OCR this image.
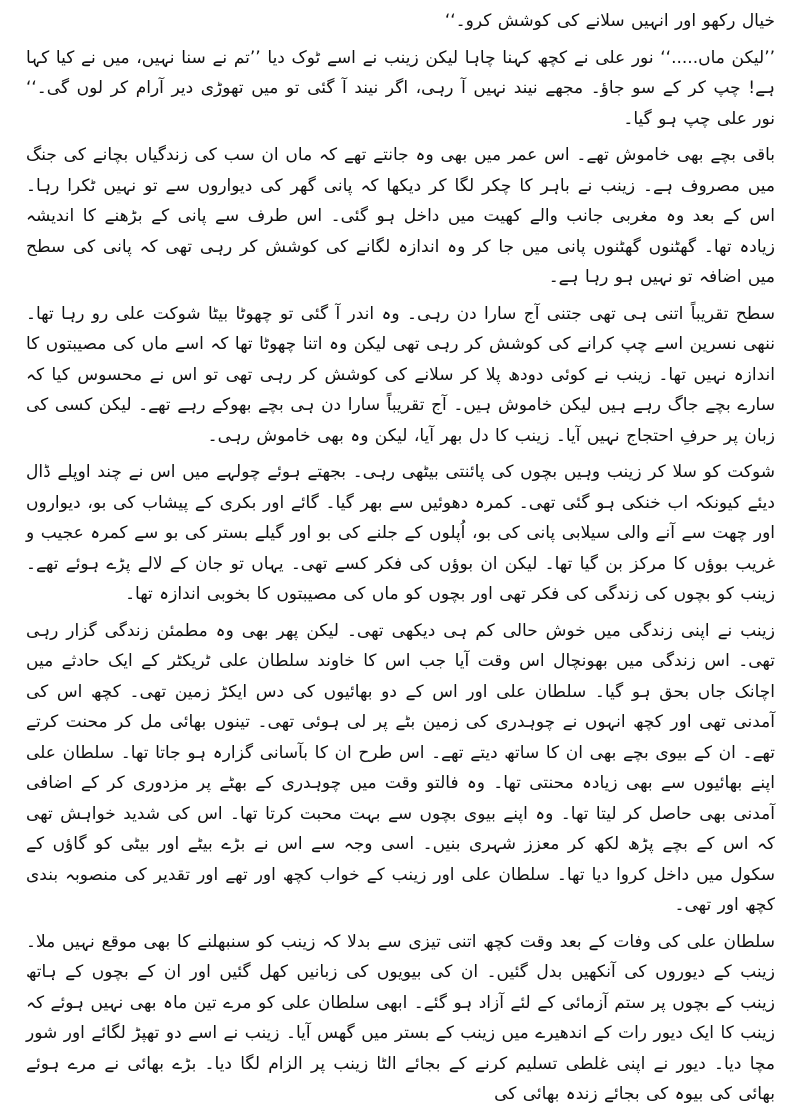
خیال رکھو اور انہیں سلانے کی کوشش کرو۔‘‘

’’لیکن ماں.....‘‘ نور علی نے کچھ کہنا چاہا لیکن زینب نے اسے ٹوک دیا ’’تم نے سنا نہیں، میں نے کیا کہا ہے! چپ کر کے سو جاؤ۔ مجھے نیند نہیں آ رہی، اگر نیند آ گئی تو میں تھوڑی دیر آرام کر لوں گی۔‘‘ نور علی چپ ہو گیا۔

باقی بچے بھی خاموش تھے۔ اس عمر میں بھی وہ جانتے تھے کہ ماں ان سب کی زندگیاں بچانے کی جنگ میں مصروف ہے۔ زینب نے باہر کا چکر لگا کر دیکھا کہ پانی گھر کی دیواروں سے تو نہیں ٹکرا رہا۔ اس کے بعد وہ مغربی جانب والے کھیت میں داخل ہو گئی۔ اس طرف سے پانی کے بڑھنے کا اندیشہ زیادہ تھا۔ گھٹنوں گھٹنوں پانی میں جا کر وہ اندازہ لگانے کی کوشش کر رہی تھی کہ پانی کی سطح میں اضافہ تو نہیں ہو رہا ہے۔

سطح تقریباً اتنی ہی تھی جتنی آج سارا دن رہی۔ وہ اندر آ گئی تو چھوٹا بیٹا شوکت علی رو رہا تھا۔ ننھی نسرین اسے چپ کرانے کی کوشش کر رہی تھی لیکن وہ اتنا چھوٹا تھا کہ اسے ماں کی مصیبتوں کا اندازہ نہیں تھا۔ زینب نے کوئی دودھ پلا کر سلانے کی کوشش کر رہی تھی تو اس نے محسوس کیا کہ سارے بچے جاگ رہے ہیں لیکن خاموش ہیں۔ آج تقریباً سارا دن ہی بچے بھوکے رہے تھے۔ لیکن کسی کی زبان پر حرفِ احتجاج نہیں آیا۔ زینب کا دل بھر آیا، لیکن وہ بھی خاموش رہی۔

شوکت کو سلا کر زینب وہیں بچوں کی پائنتی بیٹھی رہی۔ بجھتے ہوئے چولہے میں اس نے چند اوپلے ڈال دیئے کیونکہ اب خنکی ہو گئی تھی۔ کمرہ دھوئیں سے بھر گیا۔ گائے اور بکری کے پیشاب کی بو، دیواروں اور چھت سے آنے والی سیلابی پانی کی بو، اُپلوں کے جلنے کی بو اور گیلے بستر کی بو سے کمرہ عجیب و غریب بوؤں کا مرکز بن گیا تھا۔ لیکن ان بوؤں کی فکر کسے تھی۔ یہاں تو جان کے لالے پڑے ہوئے تھے۔ زینب کو بچوں کی زندگی کی فکر تھی اور بچوں کو ماں کی مصیبتوں کا بخوبی اندازہ تھا۔

زینب نے اپنی زندگی میں خوش حالی کم ہی دیکھی تھی۔ لیکن پھر بھی وہ مطمئن زندگی گزار رہی تھی۔ اس زندگی میں بھونچال اس وقت آیا جب اس کا خاوند سلطان علی ٹریکٹر کے ایک حادثے میں اچانک جاں بحق ہو گیا۔ سلطان علی اور اس کے دو بھائیوں کی دس ایکڑ زمین تھی۔ کچھ اس کی آمدنی تھی اور کچھ انہوں نے چوہدری کی زمین بٹے پر لی ہوئی تھی۔ تینوں بھائی مل کر محنت کرتے تھے۔ ان کے بیوی بچے بھی ان کا ساتھ دیتے تھے۔ اس طرح ان کا بآسانی گزارہ ہو جاتا تھا۔ سلطان علی اپنے بھائیوں سے بھی زیادہ محنتی تھا۔ وہ فالتو وقت میں چوہدری کے بھٹے پر مزدوری کر کے اضافی آمدنی بھی حاصل کر لیتا تھا۔ وہ اپنے بیوی بچوں سے بہت محبت کرتا تھا۔ اس کی شدید خواہش تھی کہ اس کے بچے پڑھ لکھ کر معزز شہری بنیں۔ اسی وجہ سے اس نے بڑے بیٹے اور بیٹی کو گاؤں کے سکول میں داخل کروا دیا تھا۔ سلطان علی اور زینب کے خواب کچھ اور تھے اور تقدیر کی منصوبہ بندی کچھ اور تھی۔

سلطان علی کی وفات کے بعد وقت کچھ اتنی تیزی سے بدلا کہ زینب کو سنبھلنے کا بھی موقع نہیں ملا۔ زینب کے دیوروں کی آنکھیں بدل گئیں۔ ان کی بیویوں کی زبانیں کھل گئیں اور ان کے بچوں کے ہاتھ زینب کے بچوں پر ستم آزمائی کے لئے آزاد ہو گئے۔ ابھی سلطان علی کو مرے تین ماہ بھی نہیں ہوئے کہ زینب کا ایک دیور رات کے اندھیرے میں زینب کے بستر میں گھس آیا۔ زینب نے اسے دو تھپڑ لگائے اور شور مچا دیا۔ دیور نے اپنی غلطی تسلیم کرنے کے بجائے الٹا زینب پر الزام لگا دیا۔ بڑے بھائی نے مرے ہوئے بھائی کی بیوہ کی بجائے زندہ بھائی کی
